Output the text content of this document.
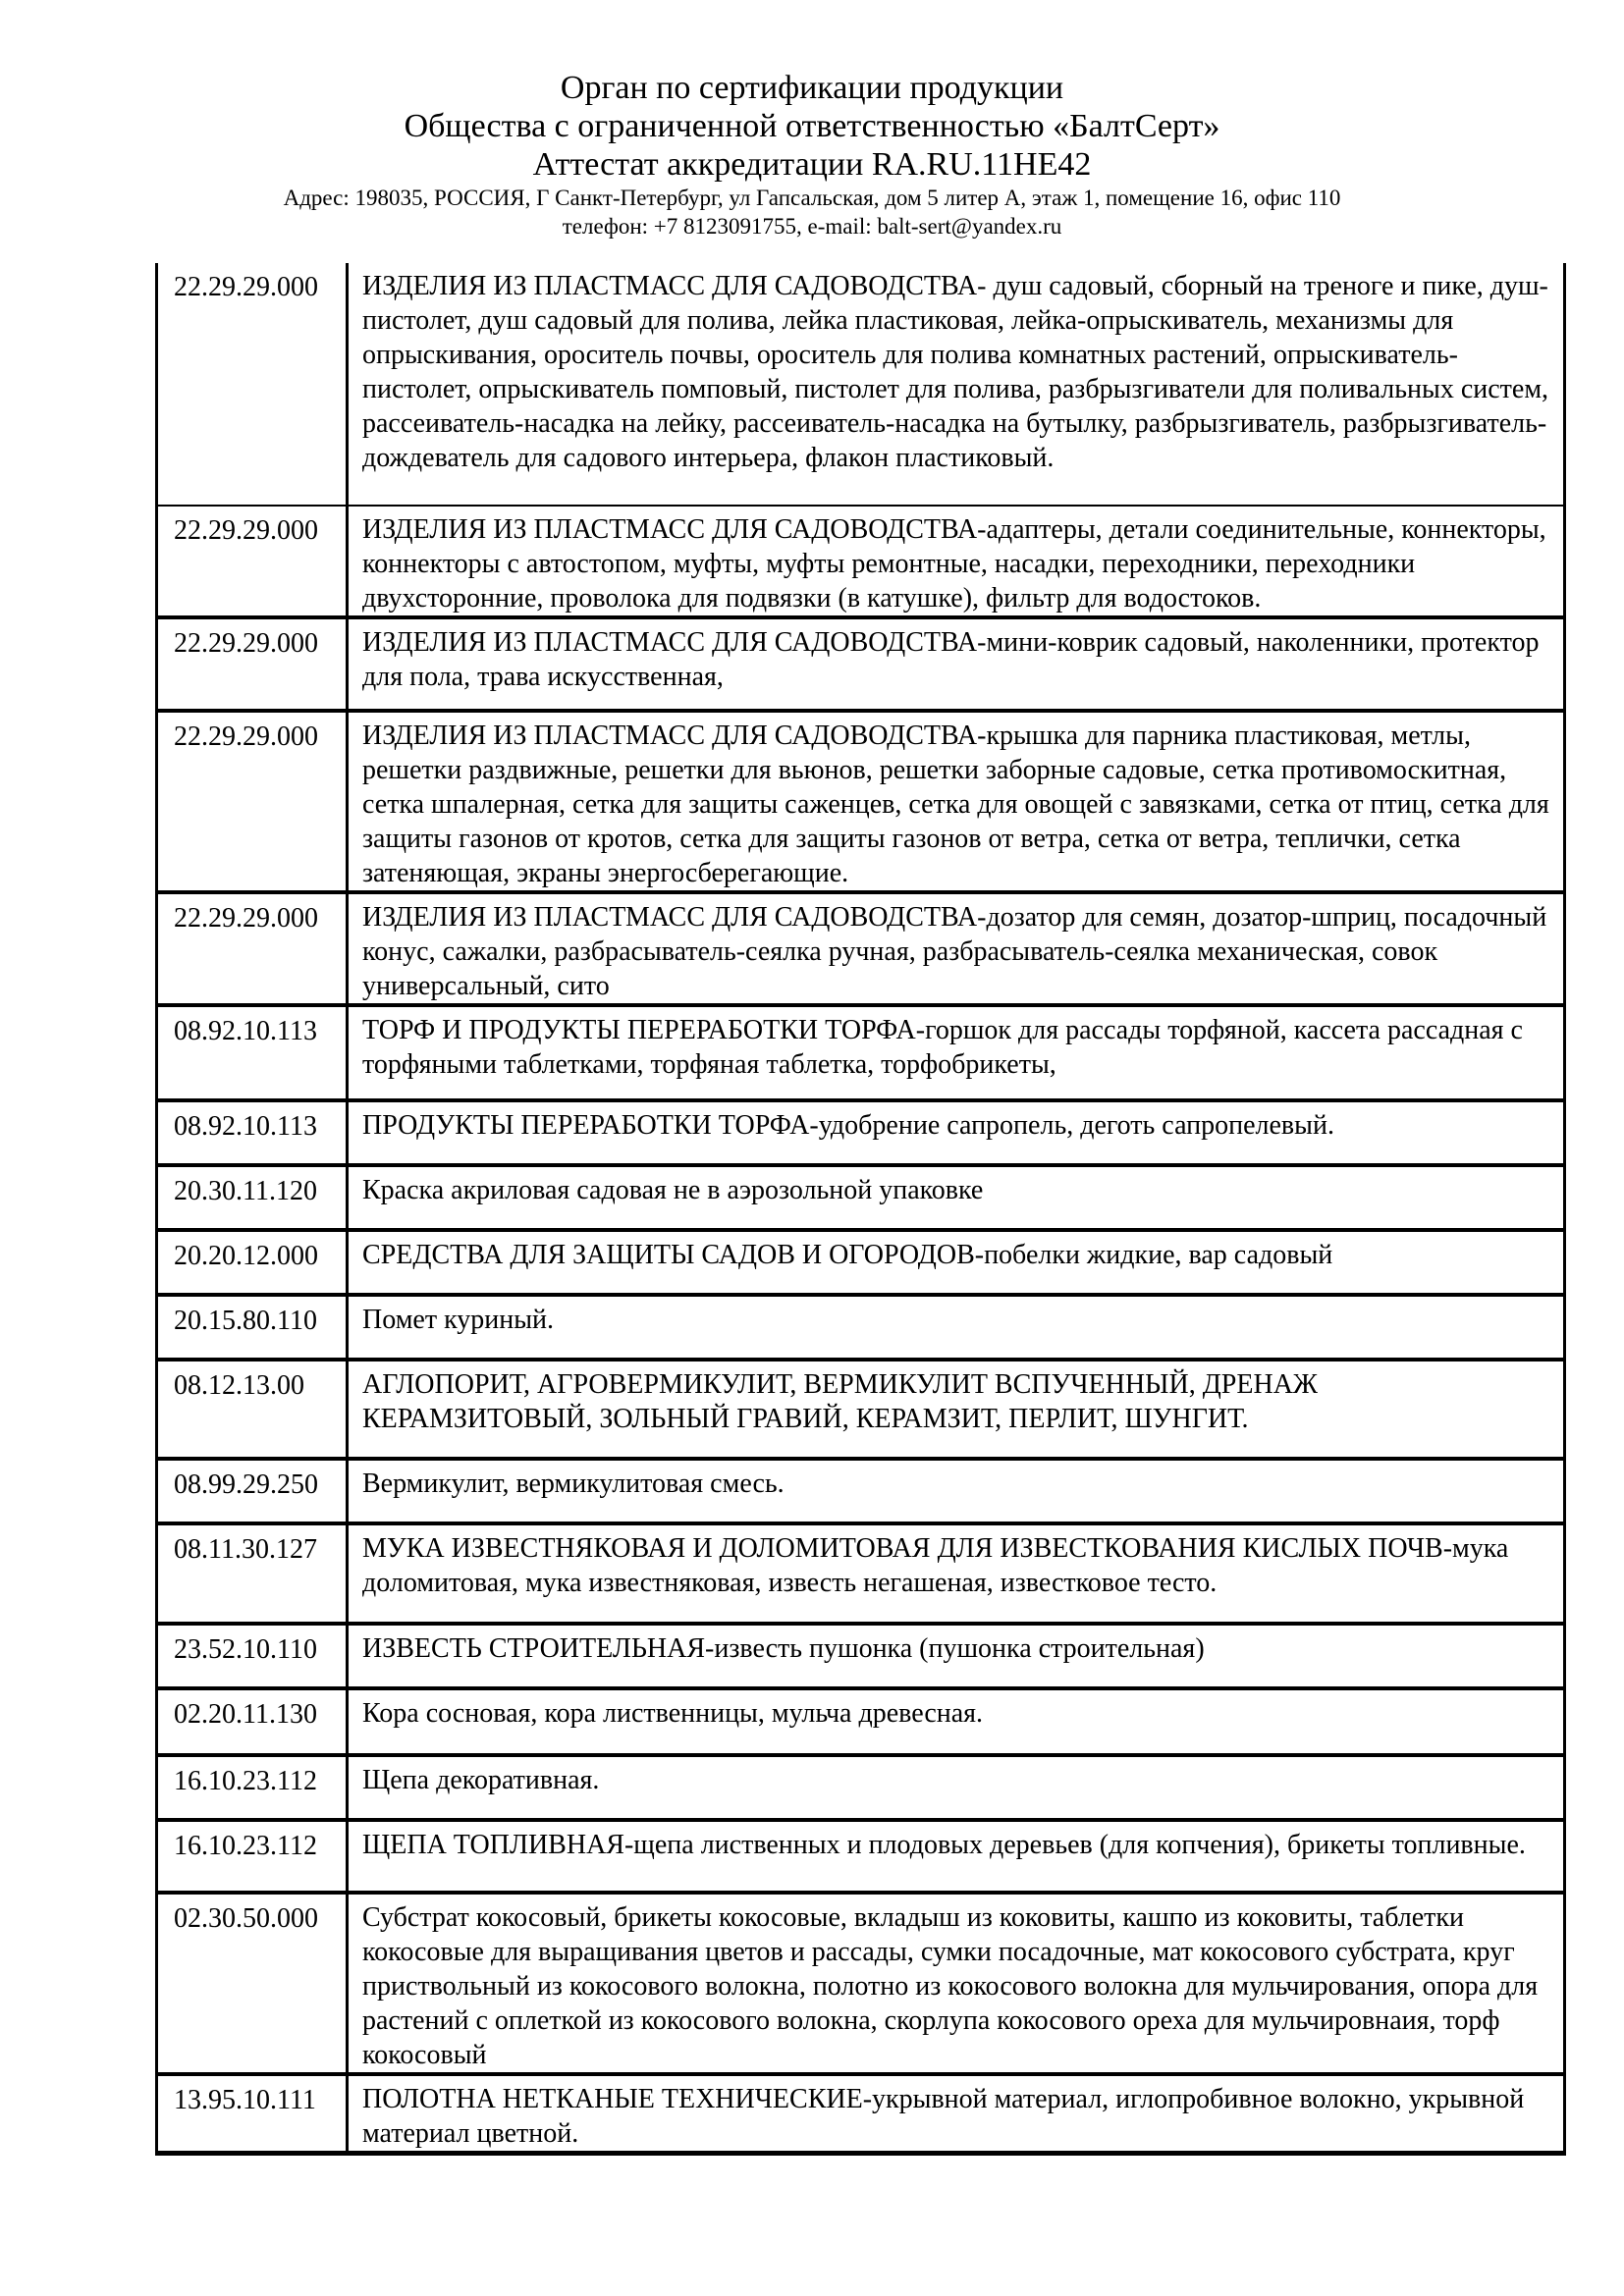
Орган по сертификации продукции
Общества с ограниченной ответственностью «БалтСерт»
Аттестат аккредитации RA.RU.11НЕ42
Адрес: 198035, РОССИЯ, Г Санкт-Петербург, ул Гапсальская, дом 5 литер А, этаж 1, помещение 16, офис 110
телефон: +7 8123091755, e-mail: balt-sert@yandex.ru
22.29.29.000	ИЗДЕЛИЯ ИЗ ПЛАСТМАСС ДЛЯ САДОВОДСТВА- душ садовый, сборный на треноге и пике, душ-пистолет, душ садовый для полива, лейка пластиковая, лейка-опрыскиватель, механизмы для опрыскивания, ороситель почвы, ороситель для полива комнатных растений, опрыскиватель-пистолет, опрыскиватель помповый, пистолет для полива, разбрызгиватели для поливальных систем, рассеиватель-насадка на лейку, рассеиватель-насадка на бутылку, разбрызгиватель, разбрызгиватель-дождеватель для садового интерьера, флакон пластиковый.
22.29.29.000	ИЗДЕЛИЯ ИЗ ПЛАСТМАСС ДЛЯ САДОВОДСТВА-адаптеры, детали соединительные, коннекторы, коннекторы с автостопом, муфты, муфты ремонтные, насадки, переходники, переходники двухсторонние, проволока для подвязки (в катушке), фильтр для водостоков.
22.29.29.000	ИЗДЕЛИЯ ИЗ ПЛАСТМАСС ДЛЯ САДОВОДСТВА-мини-коврик садовый, наколенники, протектор для пола, трава искусственная,
22.29.29.000	ИЗДЕЛИЯ ИЗ ПЛАСТМАСС ДЛЯ САДОВОДСТВА-крышка для парника пластиковая, метлы, решетки раздвижные, решетки для вьюнов, решетки заборные садовые, сетка противомоскитная, сетка шпалерная, сетка для защиты саженцев, сетка для овощей с завязками, сетка от птиц, сетка для защиты газонов от кротов, сетка для защиты газонов от ветра, сетка от ветра, теплички, сетка затеняющая, экраны энергосберегающие.
22.29.29.000	ИЗДЕЛИЯ ИЗ ПЛАСТМАСС ДЛЯ САДОВОДСТВА-дозатор для семян, дозатор-шприц, посадочный конус, сажалки, разбрасыватель-сеялка ручная, разбрасыватель-сеялка механическая, совок универсальный, сито
08.92.10.113	ТОРФ И ПРОДУКТЫ ПЕРЕРАБОТКИ ТОРФА-горшок для рассады торфяной, кассета рассадная с торфяными таблетками, торфяная таблетка, торфобрикеты,
08.92.10.113	ПРОДУКТЫ ПЕРЕРАБОТКИ ТОРФА-удобрение сапропель, деготь сапропелевый.
20.30.11.120	Краска акриловая садовая не в аэрозольной упаковке
20.20.12.000	СРЕДСТВА ДЛЯ ЗАЩИТЫ САДОВ И ОГОРОДОВ-побелки жидкие, вар садовый
20.15.80.110	Помет куриный.
08.12.13.00	АГЛОПОРИТ, АГРОВЕРМИКУЛИТ, ВЕРМИКУЛИТ ВСПУЧЕННЫЙ, ДРЕНАЖ КЕРАМЗИТОВЫЙ, ЗОЛЬНЫЙ ГРАВИЙ, КЕРАМЗИТ, ПЕРЛИТ, ШУНГИТ.
08.99.29.250	Вермикулит, вермикулитовая смесь.
08.11.30.127	МУКА ИЗВЕСТНЯКОВАЯ И ДОЛОМИТОВАЯ ДЛЯ ИЗВЕСТКОВАНИЯ КИСЛЫХ ПОЧВ-мука доломитовая, мука известняковая, известь негашеная, известковое тесто.
23.52.10.110	ИЗВЕСТЬ СТРОИТЕЛЬНАЯ-известь пушонка (пушонка строительная)
02.20.11.130	Кора сосновая, кора лиственницы, мульча древесная.
16.10.23.112	Щепа декоративная.
16.10.23.112	ЩЕПА ТОПЛИВНАЯ-щепа лиственных и плодовых деревьев (для копчения), брикеты топливные.
02.30.50.000	Субстрат кокосовый, брикеты кокосовые, вкладыш из коковиты, кашпо из коковиты, таблетки кокосовые для выращивания цветов и рассады, сумки посадочные, мат кокосового субстрата, круг приствольный из кокосового волокна, полотно из кокосового волокна для мульчирования, опора для растений с оплеткой из кокосового волокна, скорлупа кокосового ореха для мульчировнаия, торф кокосовый
13.95.10.111	ПОЛОТНА НЕТКАНЫЕ ТЕХНИЧЕСКИЕ-укрывной материал, иглопробивное волокно, укрывной материал цветной.
